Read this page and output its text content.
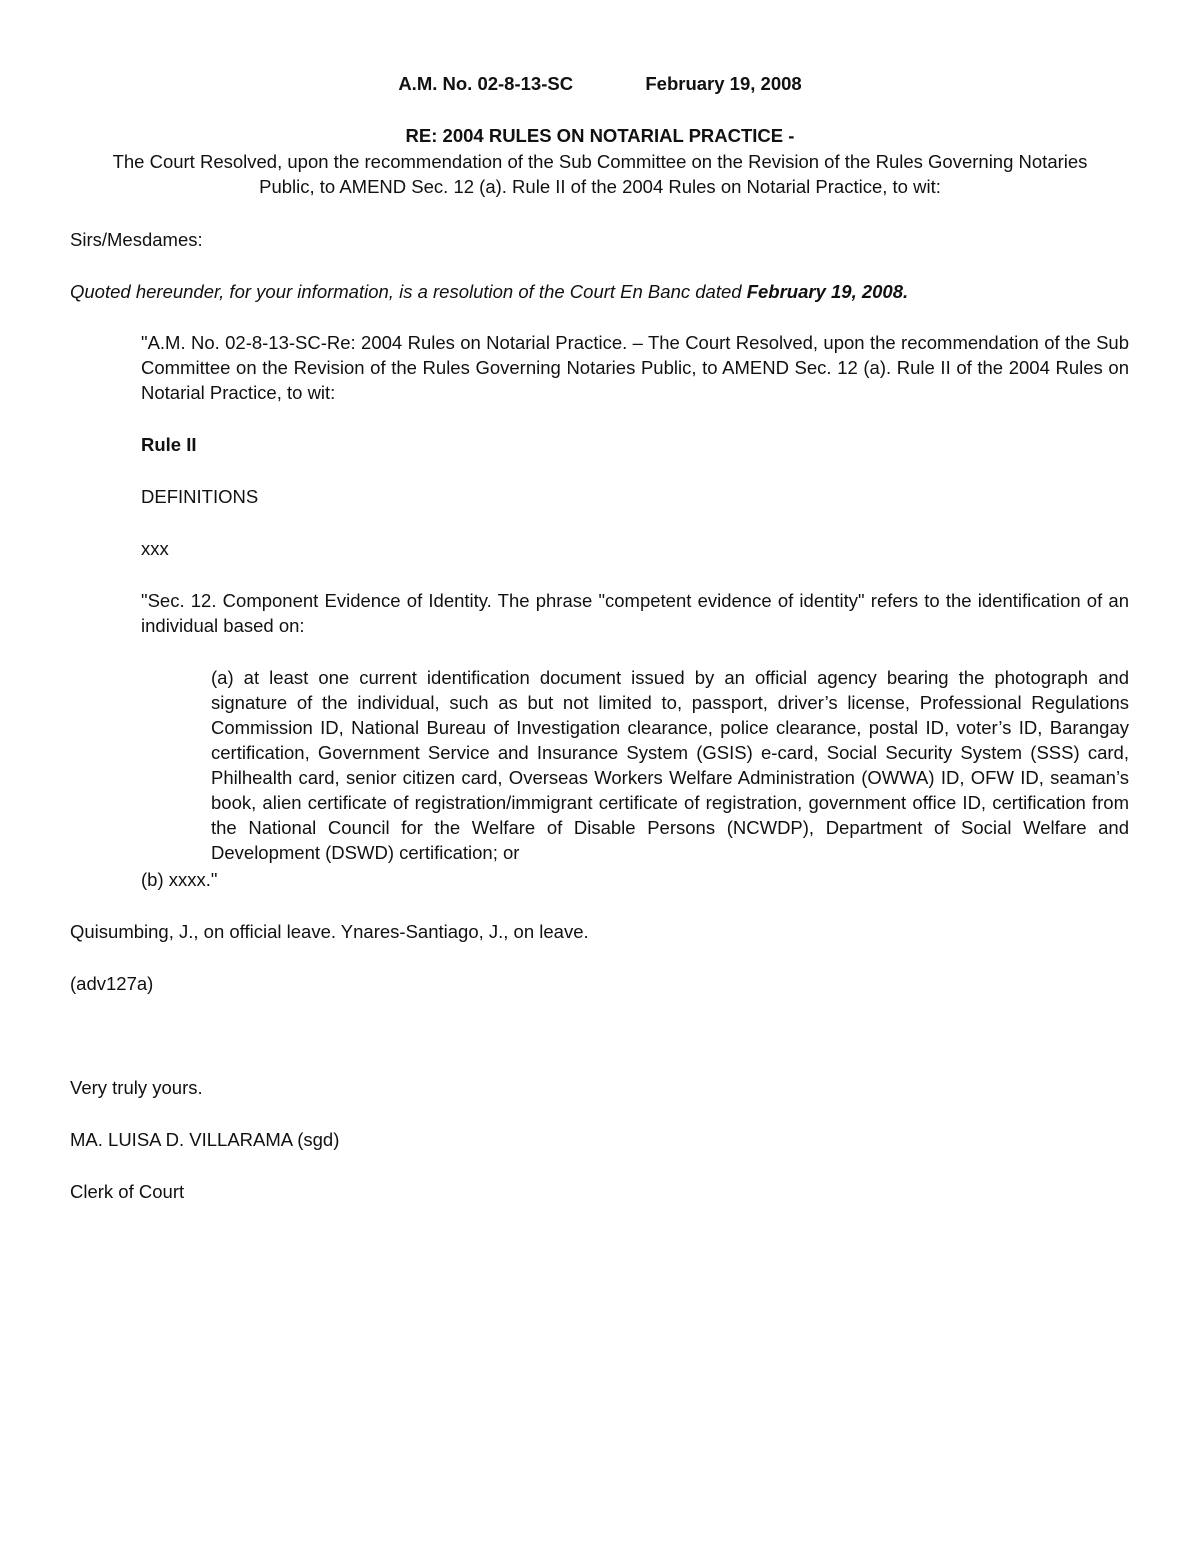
A.M. No. 02-8-13-SC	February 19, 2008

RE: 2004 RULES ON NOTARIAL PRACTICE -

The Court Resolved, upon the recommendation of the Sub Committee on the Revision of the Rules Governing Notaries Public, to AMEND Sec. 12 (a). Rule II of the 2004 Rules on Notarial Practice, to wit:

Sirs/Mesdames:

Quoted hereunder, for your information, is a resolution of the Court En Banc dated February 19, 2008.

"A.M. No. 02-8-13-SC-Re: 2004 Rules on Notarial Practice. – The Court Resolved, upon the recommendation of the Sub Committee on the Revision of the Rules Governing Notaries Public, to AMEND Sec. 12 (a). Rule II of the 2004 Rules on Notarial Practice, to wit:

Rule II

DEFINITIONS

xxx

"Sec. 12. Component Evidence of Identity. The phrase "competent evidence of identity" refers to the identification of an individual based on:

(a) at least one current identification document issued by an official agency bearing the photograph and signature of the individual, such as but not limited to, passport, driver’s license, Professional Regulations Commission ID, National Bureau of Investigation clearance, police clearance, postal ID, voter’s ID, Barangay certification, Government Service and Insurance System (GSIS) e-card, Social Security System (SSS) card, Philhealth card, senior citizen card, Overseas Workers Welfare Administration (OWWA) ID, OFW ID, seaman’s book, alien certificate of registration/immigrant certificate of registration, government office ID, certification from the National Council for the Welfare of Disable Persons (NCWDP), Department of Social Welfare and Development (DSWD) certification; or

(b) xxxx."

Quisumbing, J., on official leave. Ynares-Santiago, J., on leave.

(adv127a)

Very truly yours.

MA. LUISA D. VILLARAMA (sgd)

Clerk of Court
